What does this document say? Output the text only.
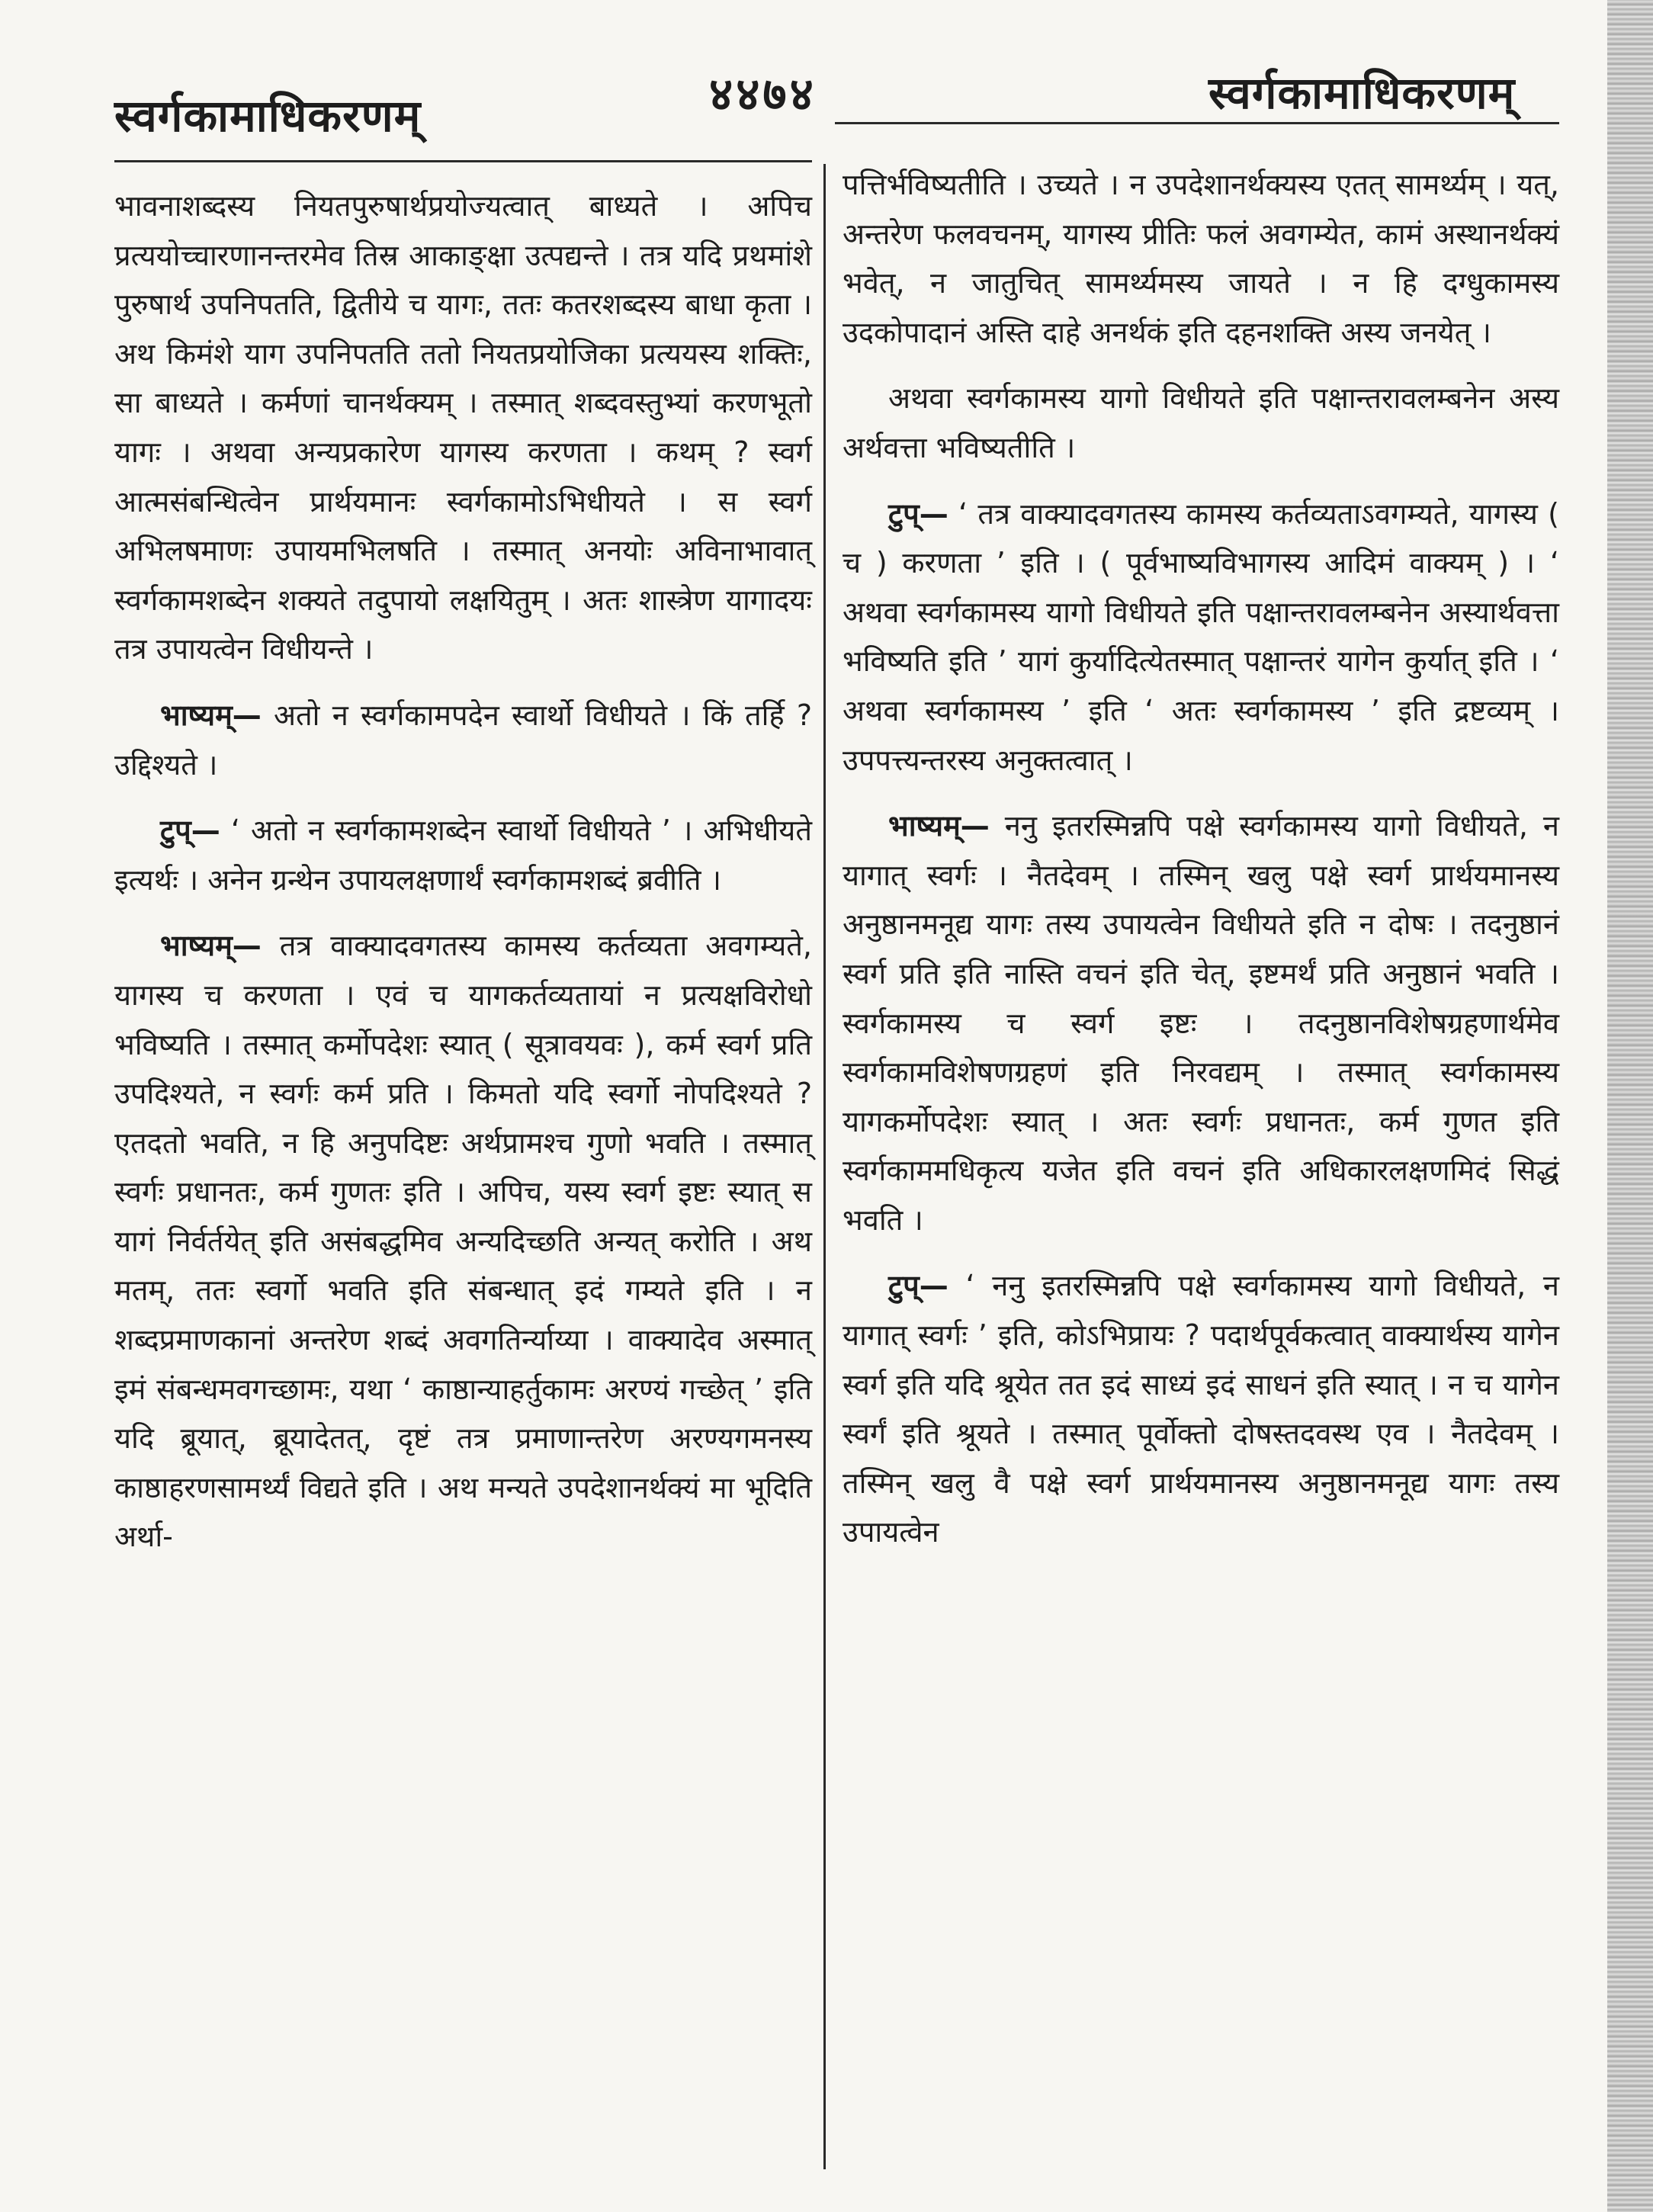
स्वर्गकामाधिकरणम्	४४७४	स्वर्गकामाधिकरणम्

भावनाशब्दस्य नियतपुरुषार्थप्रयोज्यत्वात् बाध्यते । अपिच प्रत्ययोच्चारणानन्तरमेव तिस्र आकाङ्क्षा उत्पद्यन्ते । तत्र यदि प्रथमांशे पुरुषार्थ उपनिपतति, द्वितीये च यागः, ततः कतरशब्दस्य बाधा कृता । अथ किमंशे याग उपनिपतति ततो नियतप्रयोजिका प्रत्ययस्य शक्तिः, सा बाध्यते । कर्मणां चानर्थक्यम् । तस्मात् शब्दवस्तुभ्यां करणभूतो यागः । अथवा अन्यप्रकारेण यागस्य करणता । कथम् ? स्वर्ग आत्मसंबन्धित्वेन प्रार्थयमानः स्वर्गकामोऽभिधीयते । स स्वर्ग अभिलषमाणः उपायमभिलषति । तस्मात् अनयोः अविनाभावात् स्वर्गकामशब्देन शक्यते तदुपायो लक्षयितुम् । अतः शास्त्रेण यागादयः तत्र उपायत्वेन विधीयन्ते ।

भाष्यम्— अतो न स्वर्गकामपदेन स्वार्थो विधीयते । किं तर्हि ? उद्दिश्यते ।

टुप्— ‘ अतो न स्वर्गकामशब्देन स्वार्थो विधीयते ’ । अभिधीयते इत्यर्थः । अनेन ग्रन्थेन उपायलक्षणार्थं स्वर्गकामशब्दं ब्रवीति ।

भाष्यम्— तत्र वाक्यादवगतस्य कामस्य कर्तव्यता अवगम्यते, यागस्य च करणता । एवं च यागकर्तव्यतायां न प्रत्यक्षविरोधो भविष्यति । तस्मात् कर्मोपदेशः स्यात् ( सूत्रावयवः ), कर्म स्वर्ग प्रति उपदिश्यते, न स्वर्गः कर्म प्रति । किमतो यदि स्वर्गो नोपदिश्यते ? एतदतो भवति, न हि अनुपदिष्टः अर्थप्रामश्च गुणो भवति । तस्मात् स्वर्गः प्रधानतः, कर्म गुणतः इति । अपिच, यस्य स्वर्ग इष्टः स्यात् स यागं निर्वर्तयेत् इति असंबद्धमिव अन्यदिच्छति अन्यत् करोति । अथ मतम्, ततः स्वर्गो भवति इति संबन्धात् इदं गम्यते इति । न शब्दप्रमाणकानां अन्तरेण शब्दं अवगतिर्न्याय्या । वाक्यादेव अस्मात् इमं संबन्धमवगच्छामः, यथा ‘ काष्ठान्याहर्तुकामः अरण्यं गच्छेत् ’ इति यदि ब्रूयात्, ब्रूयादेतत्, दृष्टं तत्र प्रमाणान्तरेण अरण्यगमनस्य काष्ठाहरणसामर्थ्यं विद्यते इति । अथ मन्यते उपदेशानर्थक्यं मा भूदिति अर्था-

पत्तिर्भविष्यतीति । उच्यते । न उपदेशानर्थक्यस्य एतत् सामर्थ्यम् । यत्, अन्तरेण फलवचनम्, यागस्य प्रीतिः फलं अवगम्येत, कामं अस्थानर्थक्यं भवेत्, न जातुचित् सामर्थ्यमस्य जायते । न हि दग्धुकामस्य उदकोपादानं अस्ति दाहे अनर्थकं इति दहनशक्ति अस्य जनयेत् ।

अथवा स्वर्गकामस्य यागो विधीयते इति पक्षान्तरावलम्बनेन अस्य अर्थवत्ता भविष्यतीति ।

टुप्— ‘ तत्र वाक्यादवगतस्य कामस्य कर्तव्यताऽवगम्यते, यागस्य ( च ) करणता ’ इति । ( पूर्वभाष्यविभागस्य आदिमं वाक्यम् ) । ‘ अथवा स्वर्गकामस्य यागो विधीयते इति पक्षान्तरावलम्बनेन अस्यार्थवत्ता भविष्यति इति ’ यागं कुर्यादित्येतस्मात् पक्षान्तरं यागेन कुर्यात् इति । ‘ अथवा स्वर्गकामस्य ’ इति ‘ अतः स्वर्गकामस्य ’ इति द्रष्टव्यम् । उपपत्त्यन्तरस्य अनुक्तत्वात् ।

भाष्यम्— ननु इतरस्मिन्नपि पक्षे स्वर्गकामस्य यागो विधीयते, न यागात् स्वर्गः । नैतदेवम् । तस्मिन् खलु पक्षे स्वर्ग प्रार्थयमानस्य अनुष्ठानमनूद्य यागः तस्य उपायत्वेन विधीयते इति न दोषः । तदनुष्ठानं स्वर्ग प्रति इति नास्ति वचनं इति चेत्, इष्टमर्थं प्रति अनुष्ठानं भवति । स्वर्गकामस्य च स्वर्ग इष्टः । तदनुष्ठानविशेषग्रहणार्थमेव स्वर्गकामविशेषणग्रहणं इति निरवद्यम् । तस्मात् स्वर्गकामस्य यागकर्मोपदेशः स्यात् । अतः स्वर्गः प्रधानतः, कर्म गुणत इति स्वर्गकाममधिकृत्य यजेत इति वचनं इति अधिकारलक्षणमिदं सिद्धं भवति ।

टुप्— ‘ ननु इतरस्मिन्नपि पक्षे स्वर्गकामस्य यागो विधीयते, न यागात् स्वर्गः ’ इति, कोऽभिप्रायः ? पदार्थपूर्वकत्वात् वाक्यार्थस्य यागेन स्वर्ग इति यदि श्रूयेत तत इदं साध्यं इदं साधनं इति स्यात् । न च यागेन स्वर्गं इति श्रूयते । तस्मात् पूर्वोक्तो दोषस्तदवस्थ एव । नैतदेवम् । तस्मिन् खलु वै पक्षे स्वर्ग प्रार्थयमानस्य अनुष्ठानमनूद्य यागः तस्य उपायत्वेन
